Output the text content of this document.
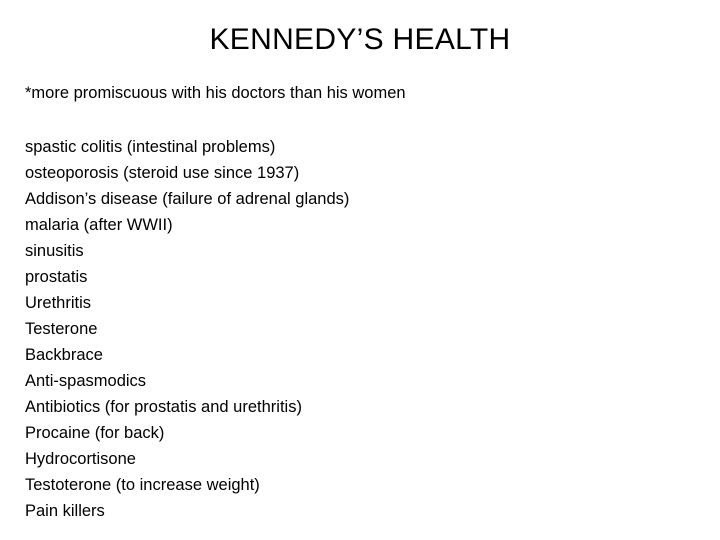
KENNEDY’S HEALTH
*more promiscuous with his doctors than his women
spastic colitis (intestinal problems)
osteoporosis (steroid use since 1937)
Addison’s disease (failure of adrenal glands)
malaria (after WWII)
sinusitis
prostatis
Urethritis
Testerone
Backbrace
Anti-spasmodics
Antibiotics (for prostatis and urethritis)
Procaine (for back)
Hydrocortisone
Testoterone (to increase weight)
Pain killers
